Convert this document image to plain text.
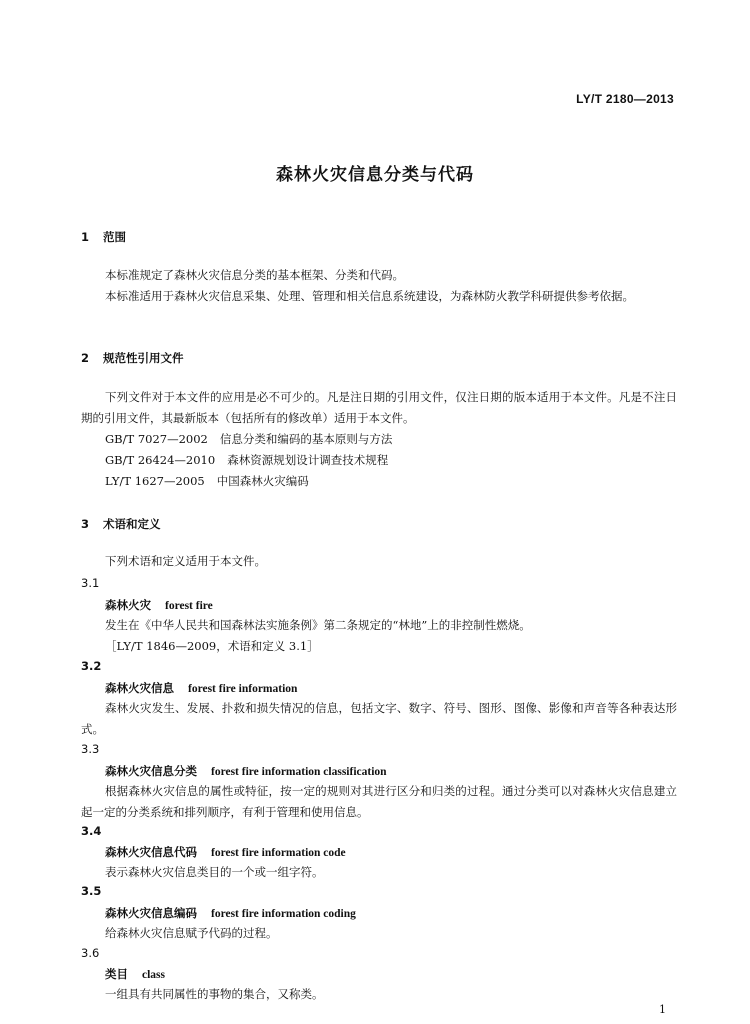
LY/T 2180—2013
森林火灾信息分类与代码
1 范围
本标准规定了森林火灾信息分类的基本框架、分类和代码。
本标准适用于森林火灾信息采集、处理、管理和相关信息系统建设，为森林防火教学科研提供参考依据。
2 规范性引用文件
下列文件对于本文件的应用是必不可少的。凡是注日期的引用文件，仅注日期的版本适用于本文件。凡是不注日期的引用文件，其最新版本（包括所有的修改单）适用于本文件。
GB/T 7027—2002 信息分类和编码的基本原则与方法
GB/T 26424—2010 森林资源规划设计调查技术规程
LY/T 1627—2005 中国森林火灾编码
3 术语和定义
下列术语和定义适用于本文件。
3.1
森林火灾 forest fire
发生在《中华人民共和国森林法实施条例》第二条规定的“林地”上的非控制性燃烧。
［LY/T 1846—2009，术语和定义 3.1］
3.2
森林火灾信息 forest fire information
森林火灾发生、发展、扑救和损失情况的信息，包括文字、数字、符号、图形、图像、影像和声音等各种表达形式。
3.3
森林火灾信息分类 forest fire information classification
根据森林火灾信息的属性或特征，按一定的规则对其进行区分和归类的过程。通过分类可以对森林火灾信息建立起一定的分类系统和排列顺序，有利于管理和使用信息。
3.4
森林火灾信息代码 forest fire information code
表示森林火灾信息类目的一个或一组字符。
3.5
森林火灾信息编码 forest fire information coding
给森林火灾信息赋予代码的过程。
3.6
类目 class
一组具有共同属性的事物的集合，又称类。
1
